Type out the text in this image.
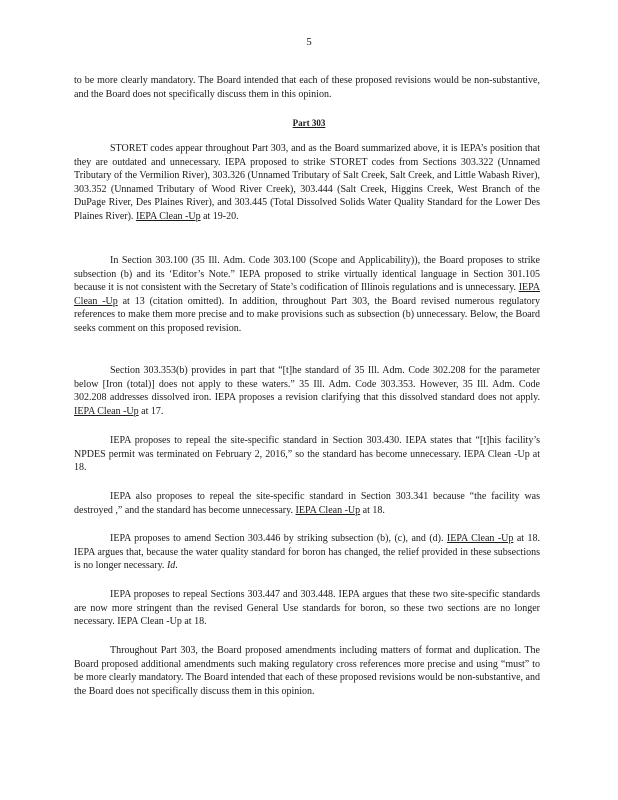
5

to be more clearly mandatory. The Board intended that each of these proposed revisions would be non-substantive, and the Board does not specifically discuss them in this opinion.

Part 303

STORET codes appear throughout Part 303, and as the Board summarized above, it is IEPA’s position that they are outdated and unnecessary. IEPA proposed to strike STORET codes from Sections 303.322 (Unnamed Tributary of the Vermilion River), 303.326 (Unnamed Tributary of Salt Creek, Salt Creek, and Little Wabash River), 303.352 (Unnamed Tributary of Wood River Creek), 303.444 (Salt Creek, Higgins Creek, West Branch of the DuPage River, Des Plaines River), and 303.445 (Total Dissolved Solids Water Quality Standard for the Lower Des Plaines River). IEPA Clean -Up at 19-20.

In Section 303.100 (35 Ill. Adm. Code 303.100 (Scope and Applicability)), the Board proposes to strike subsection (b) and its ‘Editor’s Note.” IEPA proposed to strike virtually identical language in Section 301.105 because it is not consistent with the Secretary of State’s codification of Illinois regulations and is unnecessary. IEPA Clean -Up at 13 (citation omitted). In addition, throughout Part 303, the Board revised numerous regulatory references to make them more precise and to make provisions such as subsection (b) unnecessary. Below, the Board seeks comment on this proposed revision.

Section 303.353(b) provides in part that “[t]he standard of 35 Ill. Adm. Code 302.208 for the parameter below [Iron (total)] does not apply to these waters.” 35 Ill. Adm. Code 303.353. However, 35 Ill. Adm. Code 302.208 addresses dissolved iron. IEPA proposes a revision clarifying that this dissolved standard does not apply. IEPA Clean -Up at 17.

IEPA proposes to repeal the site-specific standard in Section 303.430. IEPA states that “[t]his facility’s NPDES permit was terminated on February 2, 2016,” so the standard has become unnecessary. IEPA Clean -Up at 18.

IEPA also proposes to repeal the site-specific standard in Section 303.341 because “the facility was destroyed ,” and the standard has become unnecessary. IEPA Clean -Up at 18.

IEPA proposes to amend Section 303.446 by striking subsection (b), (c), and (d). IEPA Clean -Up at 18. IEPA argues that, because the water quality standard for boron has changed, the relief provided in these subsections is no longer necessary. Id.

IEPA proposes to repeal Sections 303.447 and 303.448. IEPA argues that these two site-specific standards are now more stringent than the revised General Use standards for boron, so these two sections are no longer necessary. IEPA Clean -Up at 18.

Throughout Part 303, the Board proposed amendments including matters of format and duplication. The Board proposed additional amendments such making regulatory cross references more precise and using “must” to be more clearly mandatory. The Board intended that each of these proposed revisions would be non-substantive, and the Board does not specifically discuss them in this opinion.
